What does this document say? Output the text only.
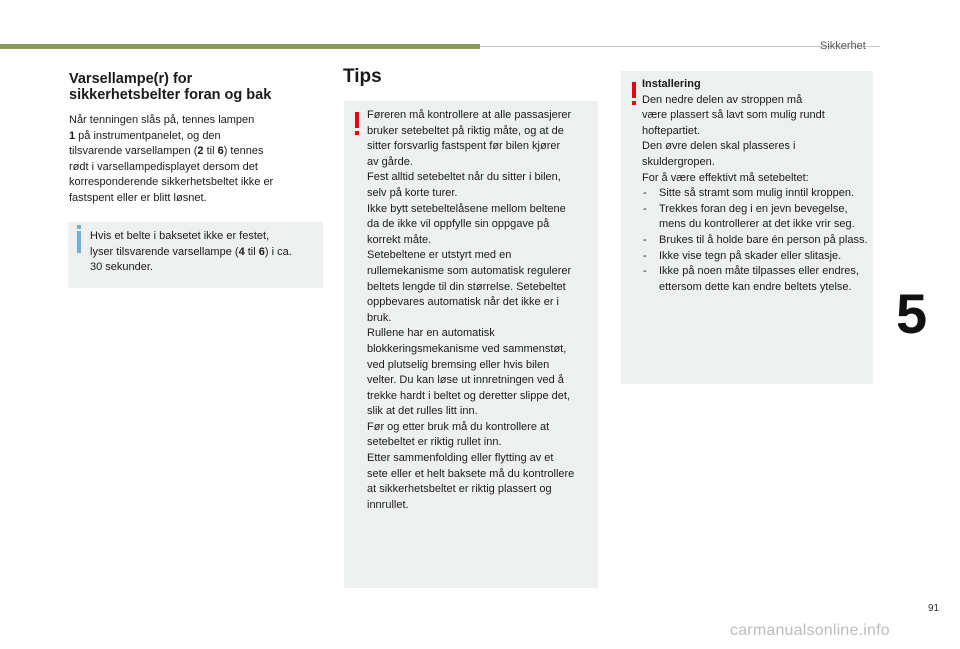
Sikkerhet
5
Varsellampe(r) for
sikkerhetsbelter foran og bak
Når tenningen slås på, tennes lampen
1 på instrumentpanelet, og den
tilsvarende varsellampen (2 til 6) tennes
rødt i varsellampedisplayet dersom det
korresponderende sikkerhetsbeltet ikke er
fastspent eller er blitt løsnet.
Hvis et belte i baksetet ikke er festet,
lyser tilsvarende varsellampe (4 til 6) i ca.
30 sekunder.
Tips
Føreren må kontrollere at alle passasjerer
bruker setebeltet på riktig måte, og at de
sitter forsvarlig fastspent før bilen kjører
av gårde.
Fest alltid setebeltet når du sitter i bilen,
selv på korte turer.
Ikke bytt setebeltelåsene mellom beltene
da de ikke vil oppfylle sin oppgave på
korrekt måte.
Setebeltene er utstyrt med en
rullemekanisme som automatisk regulerer
beltets lengde til din størrelse. Setebeltet
oppbevares automatisk når det ikke er i
bruk.
Rullene har en automatisk
blokkeringsmekanisme ved sammenstøt,
ved plutselig bremsing eller hvis bilen
velter. Du kan løse ut innretningen ved å
trekke hardt i beltet og deretter slippe det,
slik at det rulles litt inn.
Før og etter bruk må du kontrollere at
setebeltet er riktig rullet inn.
Etter sammenfolding eller flytting av et
sete eller et helt baksete må du kontrollere
at sikkerhetsbeltet er riktig plassert og
innrullet.
Installering
Den nedre delen av stroppen må
være plassert så lavt som mulig rundt
hoftepartiet.
Den øvre delen skal plasseres i
skuldergropen.
For å være effektivt må setebeltet:
- Sitte så stramt som mulig inntil kroppen.
- Trekkes foran deg i en jevn bevegelse, mens du kontrollerer at det ikke vrir seg.
- Brukes til å holde bare én person på plass.
- Ikke vise tegn på skader eller slitasje.
- Ikke på noen måte tilpasses eller endres, ettersom dette kan endre beltets ytelse.
91
carmanualsonline.info
